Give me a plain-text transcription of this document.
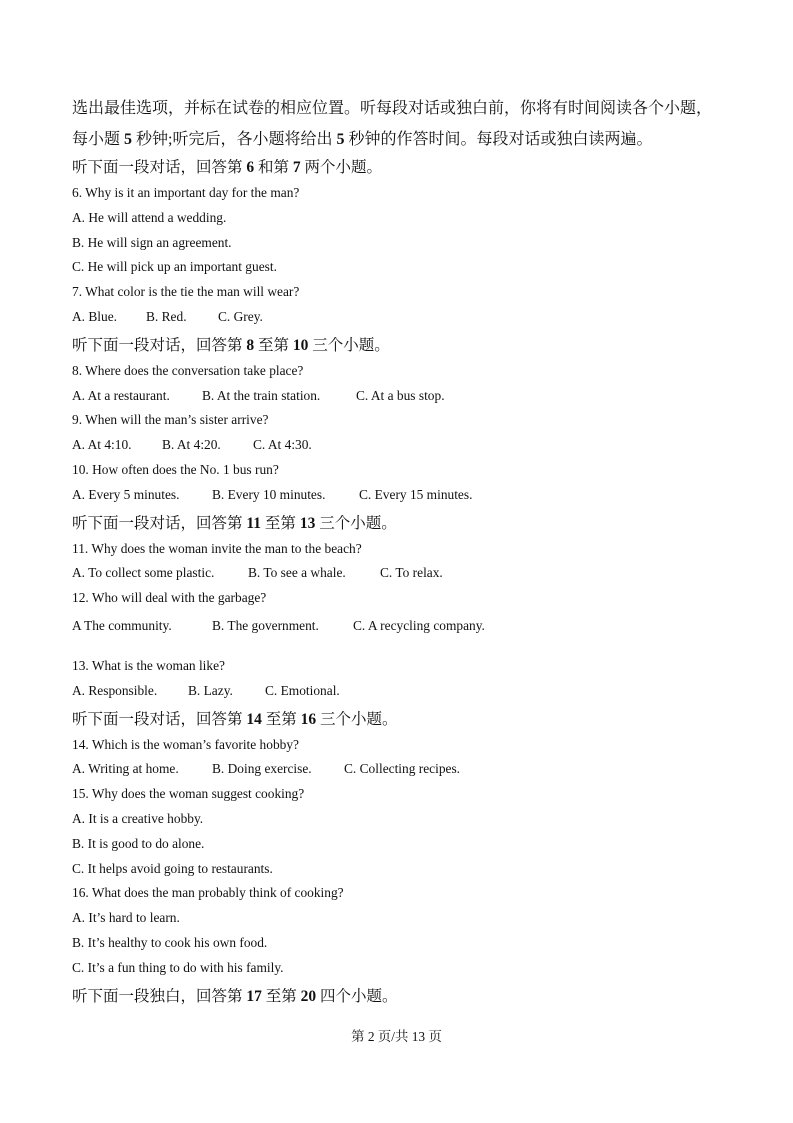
选出最佳选项，并标在试卷的相应位置。听每段对话或独白前，你将有时间阅读各个小题，
每小题 5 秒钟;听完后，各小题将给出 5 秒钟的作答时间。每段对话或独白读两遍。
听下面一段对话，回答第 6 和第 7 两个小题。
6. Why is it an important day for the man?
A. He will attend a wedding.
B. He will sign an agreement.
C. He will pick up an important guest.
7. What color is the tie the man will wear?
A. Blue. B. Red. C. Grey.
听下面一段对话，回答第 8 至第 10 三个小题。
8. Where does the conversation take place?
A. At a restaurant. B. At the train station.	C. At a bus stop.
9. When will the man’s sister arrive?
A. At 4:10. B. At 4:20. C. At 4:30.
10. How often does the No. 1 bus run?
A. Every 5 minutes. B. Every 10 minutes.	C. Every 15 minutes.
听下面一段对话，回答第 11 至第 13 三个小题。
11. Why does the woman invite the man to the beach?
A. To collect some plastic.	B. To see a whale.	C. To relax.
12. Who will deal with the garbage?
A The community.	B. The government.	C. A recycling company.
13. What is the woman like?
A. Responsible. B. Lazy. C. Emotional.
听下面一段对话，回答第 14 至第 16 三个小题。
14. Which is the woman’s favorite hobby?
A. Writing at home. B. Doing exercise. C. Collecting recipes.
15. Why does the woman suggest cooking?
A. It is a creative hobby.
B. It is good to do alone.
C. It helps avoid going to restaurants.
16. What does the man probably think of cooking?
A. It’s hard to learn.
B. It’s healthy to cook his own food.
C. It’s a fun thing to do with his family.
听下面一段独白，回答第 17 至第 20 四个小题。
第 2 页/共 13 页
